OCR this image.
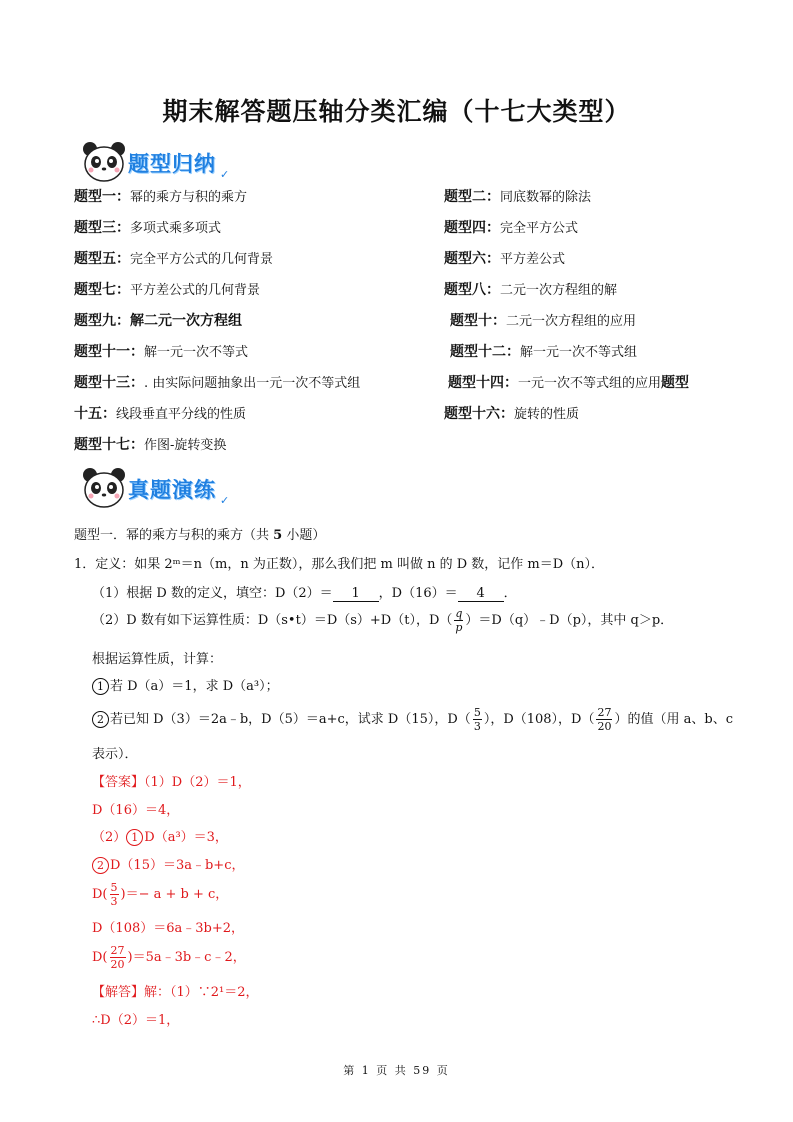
期末解答题压轴分类汇编（十七大类型）
题型归纳 ✓
题型一：幂的乘方与积的乘方	题型二：同底数幂的除法
题型三：多项式乘多项式	题型四：完全平方公式
题型五：完全平方公式的几何背景	题型六：平方差公式
题型七：平方差公式的几何背景	题型八：二元一次方程组的解
题型九：解二元一次方程组	题型十：二元一次方程组的应用
题型十一：解一元一次不等式	题型十二：解一元一次不等式组
题型十三：. 由实际问题抽象出一元一次不等式组	题型十四：一元一次不等式组的应用题型
十五：线段垂直平分线的性质	题型十六：旋转的性质
题型十七：作图-旋转变换
真题演练 ✓
题型一．幂的乘方与积的乘方（共 5 小题）
1．定义：如果 2ᵐ＝n（m，n 为正数），那么我们把 m 叫做 n 的 D 数，记作 m＝D（n）．
（1）根据 D 数的定义，填空：D（2）＝ 1 ，D（16）＝ 4 ．
（2）D 数有如下运算性质：D（s•t）＝D（s）+D（t），$D( \frac{q}{p}$ ）＝D（q）﹣D（p），其中 q＞p．
根据运算性质，计算：
1 若 D（a）＝1，求 D（a³）；
2 若已知 D（3）＝2a﹣b，D（5）＝a+c，试求 D（15），$D( \frac{5}{3}$ ），D（108），$D( \frac{27}{20}$ ）的值（用 a、b、c
表示）．
【答案】（1）D（2）＝1，
D（16）＝4，
（2） 1 D（a³）＝3，
2 D（15）＝3a﹣b+c，
$D( \frac{5}{3}$ )＝− a + b + c，
D（108）＝6a﹣3b+2，
$D( \frac{27}{20}$ )＝5a﹣3b﹣c﹣2，
【解答】解：（1）∵2¹＝2，
∴D（2）＝1，
第 1 页 共 59 页
